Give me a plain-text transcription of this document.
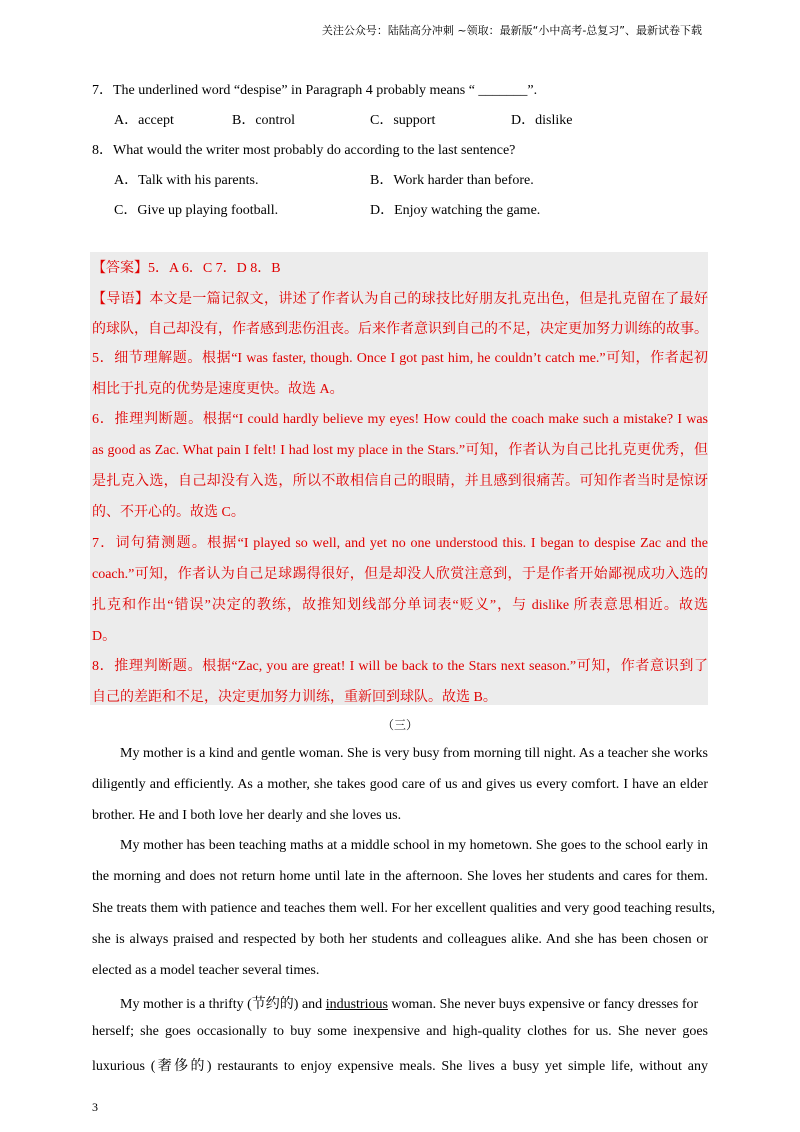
关注公众号：陆陆高分冲刺 ~领取：最新版“小中高考-总复习”、最新试卷下载
7．The underlined word “despise” in Paragraph 4 probably means “ _______”.
A．accept	B．control	C．support	D．dislike
8．What would the writer most probably do according to the last sentence?
A．Talk with his parents.	B．Work harder than before.
C．Give up playing football.	D．Enjoy watching the game.
【答案】5．A 6．C 7．D 8．B
【导语】本文是一篇记叙文，讲述了作者认为自己的球技比好朋友扎克出色，但是扎克留在了最好
的球队，自己却没有，作者感到悲伤沮丧。后来作者意识到自己的不足，决定更加努力训练的故事。
5．细节理解题。根据“I was faster, though. Once I got past him, he couldn’t catch me.”可知，作者起初
相比于扎克的优势是速度更快。故选 A。
6．推理判断题。根据“I could hardly believe my eyes! How could the coach make such a mistake? I was
as good as Zac. What pain I felt! I had lost my place in the Stars.”可知，作者认为自己比扎克更优秀，但
是扎克入选，自己却没有入选，所以不敢相信自己的眼睛，并且感到很痛苦。可知作者当时是惊讶
的、不开心的。故选 C。
7．词句猜测题。根据“I played so well, and yet no one understood this. I began to despise Zac and the
coach.”可知，作者认为自己足球踢得很好，但是却没人欣赏注意到，于是作者开始鄙视成功入选的
扎克和作出“错误”决定的教练，故推知划线部分单词表“贬义”，与 dislike 所表意思相近。故选
D。
8．推理判断题。根据“Zac, you are great! I will be back to the Stars next season.”可知，作者意识到了
自己的差距和不足，决定更加努力训练，重新回到球队。故选 B。
（三）
My mother is a kind and gentle woman. She is very busy from morning till night. As a teacher she works
diligently and efficiently. As a mother, she takes good care of us and gives us every comfort. I have an elder
brother. He and I both love her dearly and she loves us.
My mother has been teaching maths at a middle school in my hometown. She goes to the school early in
the morning and does not return home until late in the afternoon. She loves her students and cares for them.
She treats them with patience and teaches them well. For her excellent qualities and very good teaching results,
she is always praised and respected by both her students and colleagues alike. And she has been chosen or
elected as a model teacher several times.
My mother is a thrifty (节约的) and industrious woman. She never buys expensive or fancy dresses for
herself; she goes occasionally to buy some inexpensive and high-quality clothes for us. She never goes
luxurious (奢侈的) restaurants to enjoy expensive meals. She lives a busy yet simple life, without any
3
